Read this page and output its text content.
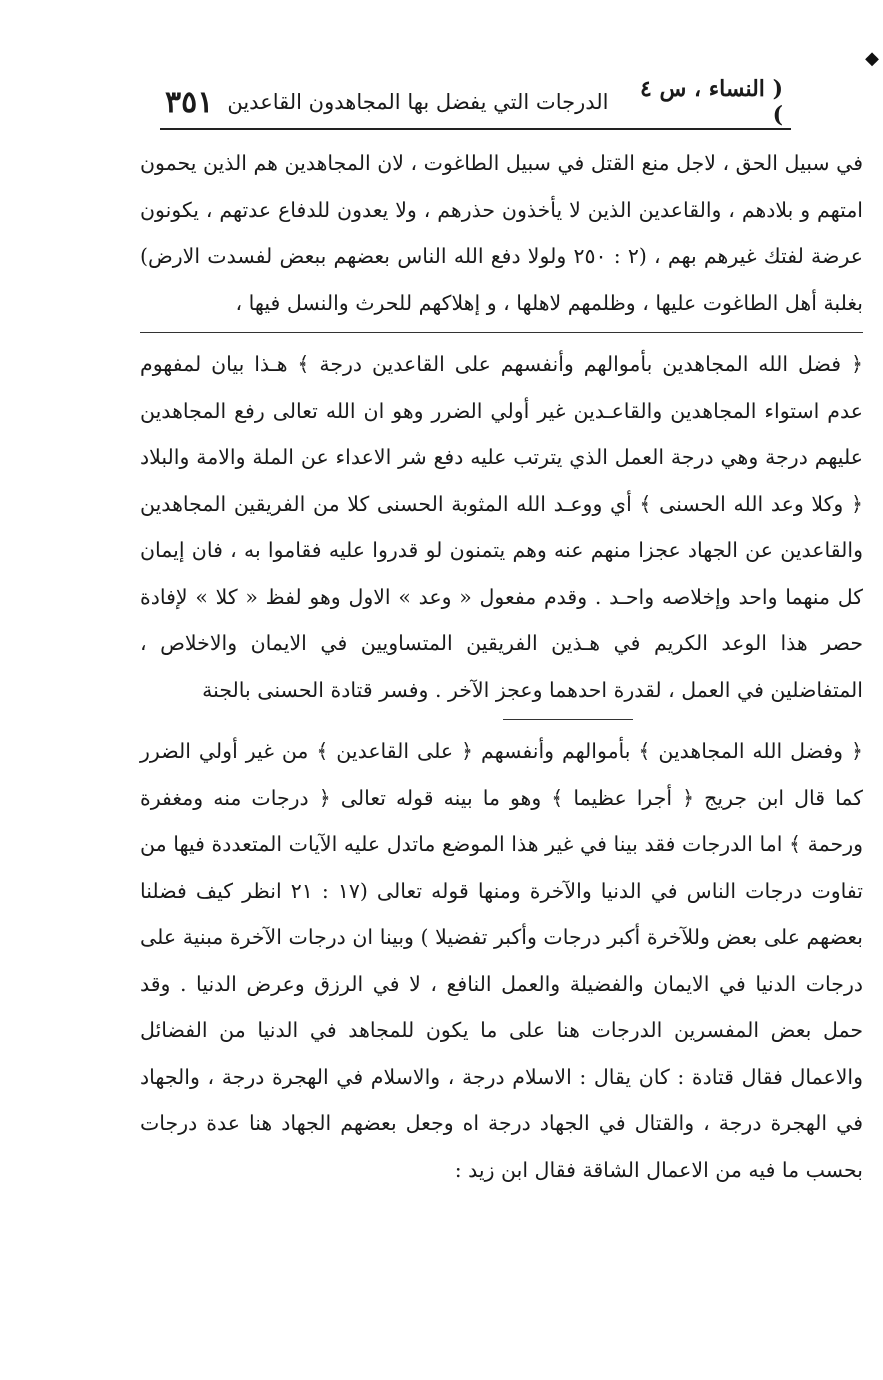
◆
( النساء ، س ٤ )
الدرجات التي يفضل بها المجاهدون القاعدين
٣٥١

في سبيل الحق ، لاجل منع القتل في سبيل الطاغوت ، لان المجاهدين هم الذين يحمون امتهم و بلادهم ، والقاعدين الذين لا يأخذون حذرهم ، ولا يعدون للدفاع عدتهم ، يكونون عرضة لفتك غيرهم بهم ، (٢ : ٢٥٠ ولولا دفع الله الناس بعضهم ببعض لفسدت الارض) بغلبة أهل الطاغوت عليها ، وظلمهم لاهلها ، و إهلاكهم للحرث والنسل فيها ،

﴿ فضل الله المجاهدين بأموالهم وأنفسهم على القاعدين درجة ﴾ هـذا بيان لمفهوم عدم استواء المجاهدين والقاعـدين غير أولي الضرر وهو ان الله تعالى رفع المجاهدين عليهم درجة وهي درجة العمل الذي يترتب عليه دفع شر الاعداء عن الملة والامة والبلاد ﴿ وكلا وعد الله الحسنى ﴾ أي ووعـد الله المثوبة الحسنى كلا من الفريقين المجاهدين والقاعدين عن الجهاد عجزا منهم عنه وهم يتمنون لو قدروا عليه فقاموا به ، فان إيمان كل منهما واحد وإخلاصه واحـد . وقدم مفعول « وعد » الاول وهو لفظ « كلا » لإفادة حصر هذا الوعد الكريم في هـذين الفريقين المتساويين في الايمان والاخلاص ، المتفاضلين في العمل ، لقدرة احدهما وعجز الآخر . وفسر قتادة الحسنى بالجنة

﴿ وفضل الله المجاهدين ﴾ بأموالهم وأنفسهم ﴿ على القاعدين ﴾ من غير أولي الضرر كما قال ابن جريج ﴿ أجرا عظيما ﴾ وهو ما بينه قوله تعالى ﴿ درجات منه ومغفرة ورحمة ﴾ اما الدرجات فقد بينا في غير هذا الموضع ماتدل عليه الآيات المتعددة فيها من تفاوت درجات الناس في الدنيا والآخرة ومنها قوله تعالى (١٧ : ٢١ انظر كيف فضلنا بعضهم على بعض وللآخرة أكبر درجات وأكبر تفضيلا ) وبينا ان درجات الآخرة مبنية على درجات الدنيا في الايمان والفضيلة والعمل النافع ، لا في الرزق وعرض الدنيا . وقد حمل بعض المفسرين الدرجات هنا على ما يكون للمجاهد في الدنيا من الفضائل والاعمال فقال قتادة : كان يقال : الاسلام درجة ، والاسلام في الهجرة درجة ، والجهاد في الهجرة درجة ، والقتال في الجهاد درجة اه وجعل بعضهم الجهاد هنا عدة درجات بحسب ما فيه من الاعمال الشاقة فقال ابن زيد :
